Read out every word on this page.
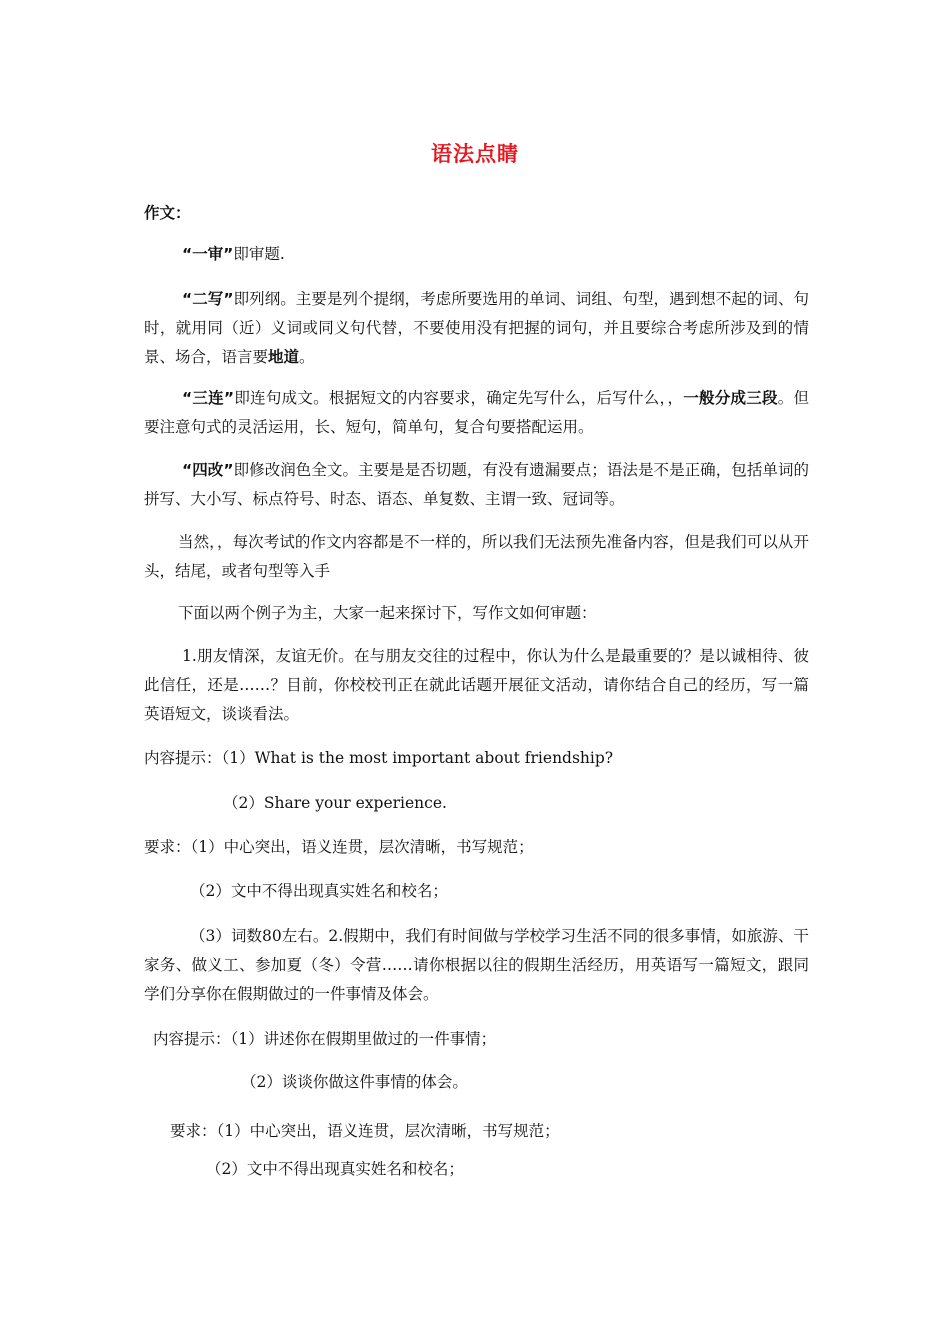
语法点睛
作文：
“一审”即审题.
“二写”即列纲。主要是列个提纲，考虑所要选用的单词、词组、句型，遇到想不起的词、句时，就用同（近）义词或同义句代替，不要使用没有把握的词句，并且要综合考虑所涉及到的情景、场合，语言要地道。
“三连”即连句成文。根据短文的内容要求，确定先写什么，后写什么，，一般分成三段。但要注意句式的灵活运用，长、短句，简单句，复合句要搭配运用。
“四改”即修改润色全文。主要是是否切题，有没有遗漏要点；语法是不是正确，包括单词的拼写、大小写、标点符号、时态、语态、单复数、主谓一致、冠词等。
当然，，每次考试的作文内容都是不一样的，所以我们无法预先准备内容，但是我们可以从开头，结尾，或者句型等入手
下面以两个例子为主，大家一起来探讨下，写作文如何审题：
1.朋友情深，友谊无价。在与朋友交往的过程中，你认为什么是最重要的？是以诚相待、彼此信任，还是……？目前，你校校刊正在就此话题开展征文活动，请你结合自己的经历，写一篇英语短文，谈谈看法。
内容提示：（1）What is the most important about friendship?
（2）Share your experience.
要求：（1）中心突出，语义连贯，层次清晰，书写规范；
（2）文中不得出现真实姓名和校名；
（3）词数80左右。2.假期中，我们有时间做与学校学习生活不同的很多事情，如旅游、干家务、做义工、参加夏（冬）令营……请你根据以往的假期生活经历，用英语写一篇短文，跟同学们分享你在假期做过的一件事情及体会。
内容提示：（1）讲述你在假期里做过的一件事情；
（2）谈谈你做这件事情的体会。
要求：（1）中心突出，语义连贯，层次清晰，书写规范；
（2）文中不得出现真实姓名和校名；
